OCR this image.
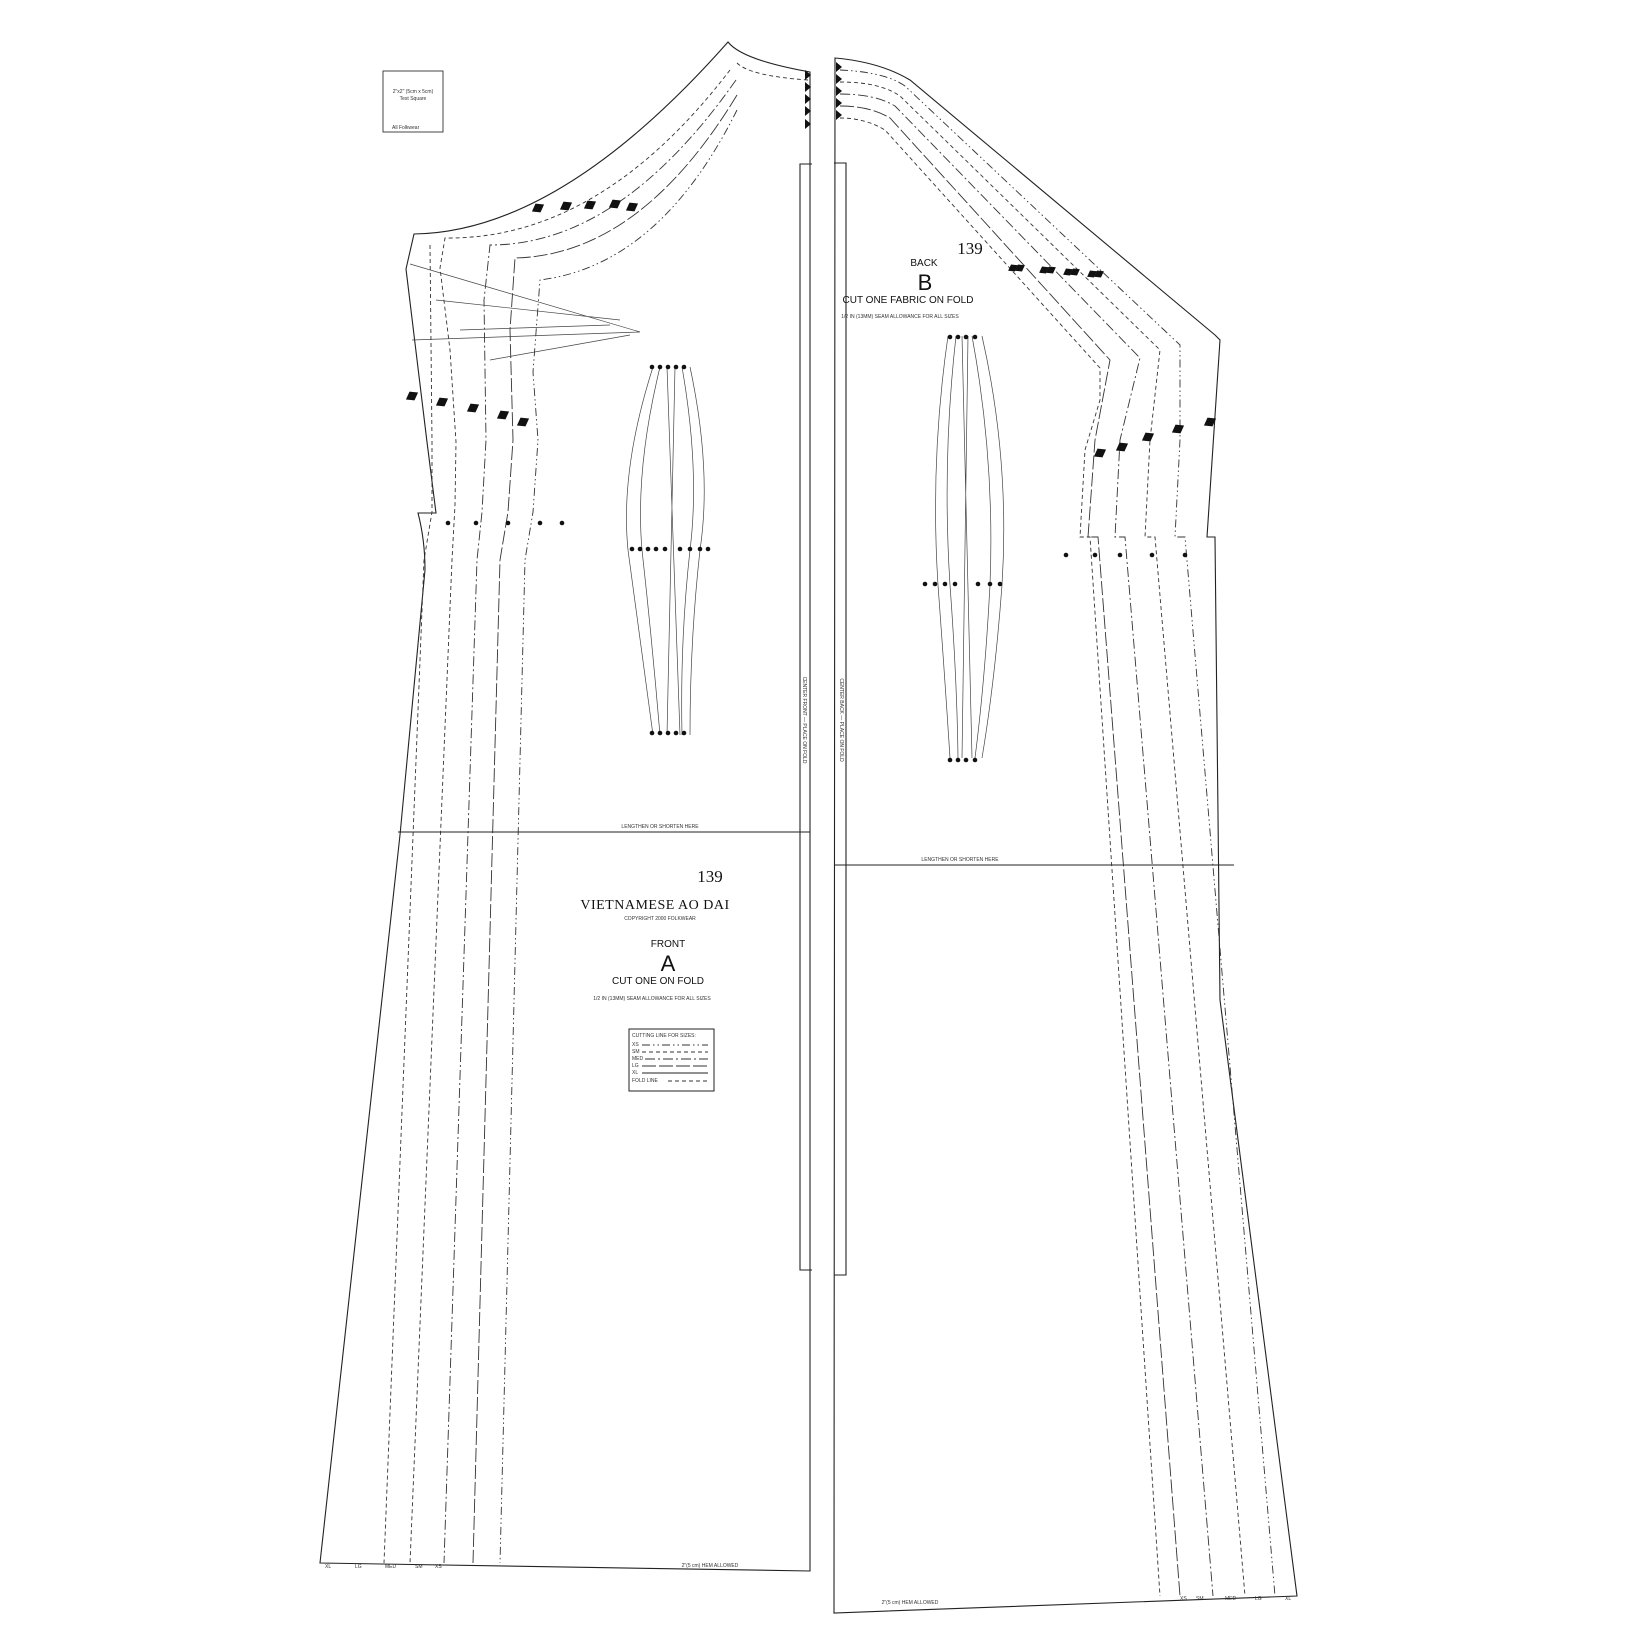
2"x2" (5cm x 5cm)
Test Square
All Folkwear
CENTER FRONT — PLACE ON FOLD
LENGTHEN OR SHORTEN HERE
139
VIETNAMESE AO DAI
COPYRIGHT 2000 FOLKWEAR
FRONT
A
CUT ONE ON FOLD
1/2 IN (13MM) SEAM ALLOWANCE FOR ALL SIZES
2"(5 cm) HEM ALLOWED
CUTTING LINE FOR SIZES:
XS
SM
MED
LG
XL
FOLD LINE
CENTER BACK — PLACE ON FOLD
LENGTHEN OR SHORTEN HERE
139
BACK
B
CUT ONE FABRIC ON FOLD
1/2 IN (13MM) SEAM ALLOWANCE FOR ALL SIZES
2"(5 cm) HEM ALLOWED
XL	LG	MED	SM	XS
XS SM	MED	LG	XL
